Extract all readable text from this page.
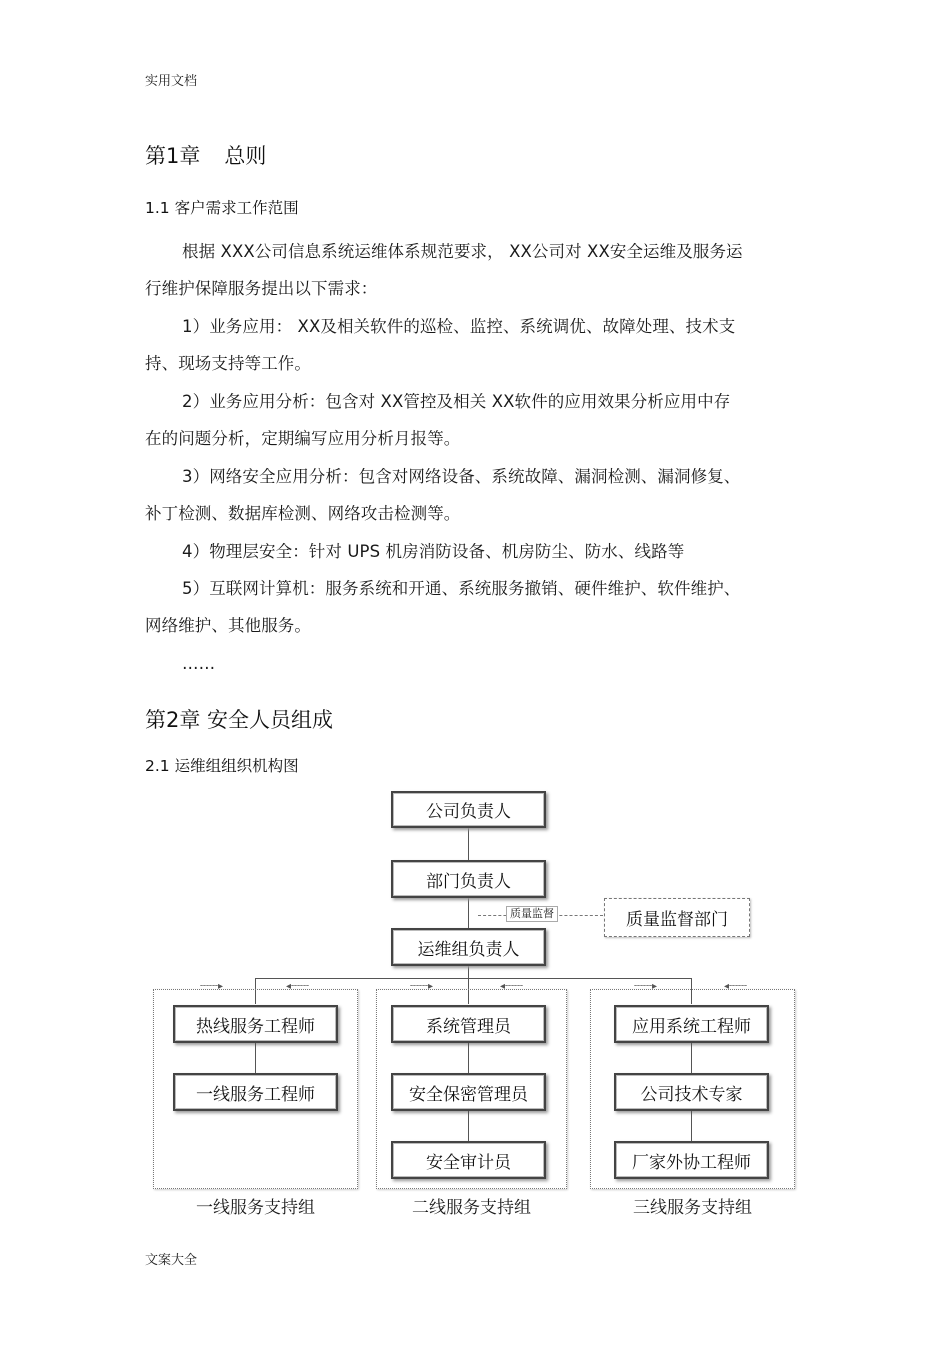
实用文档
第1章 总则
1.1 客户需求工作范围
根据 XXX公司信息系统运维体系规范要求， XX公司对 XX安全运维及服务运
行维护保障服务提出以下需求：
1）业务应用： XX及相关软件的巡检、监控、系统调优、故障处理、技术支
持、现场支持等工作。
2）业务应用分析：包含对 XX管控及相关 XX软件的应用效果分析应用中存
在的问题分析，定期编写应用分析月报等。
3）网络安全应用分析：包含对网络设备、系统故障、漏洞检测、漏洞修复、
补丁检测、数据库检测、网络攻击检测等。
4）物理层安全：针对 UPS 机房消防设备、机房防尘、防水、线路等
5）互联网计算机：服务系统和开通、系统服务撤销、硬件维护、软件维护、
网络维护、其他服务。
……
第2章 安全人员组成
2.1 运维组组织机构图
┄┄┄▸	◂┄┄┄	┄┄┄▸	◂┄┄┄	┄┄┄▸	◂┄┄┄
公司负责人
部门负责人
运维组负责人
质量监督	质量监督部门
热线服务工程师
一线服务工程师
一线服务支持组
系统管理员
安全保密管理员
安全审计员
二线服务支持组
应用系统工程师
公司技术专家
厂家外协工程师
三线服务支持组
文案大全
